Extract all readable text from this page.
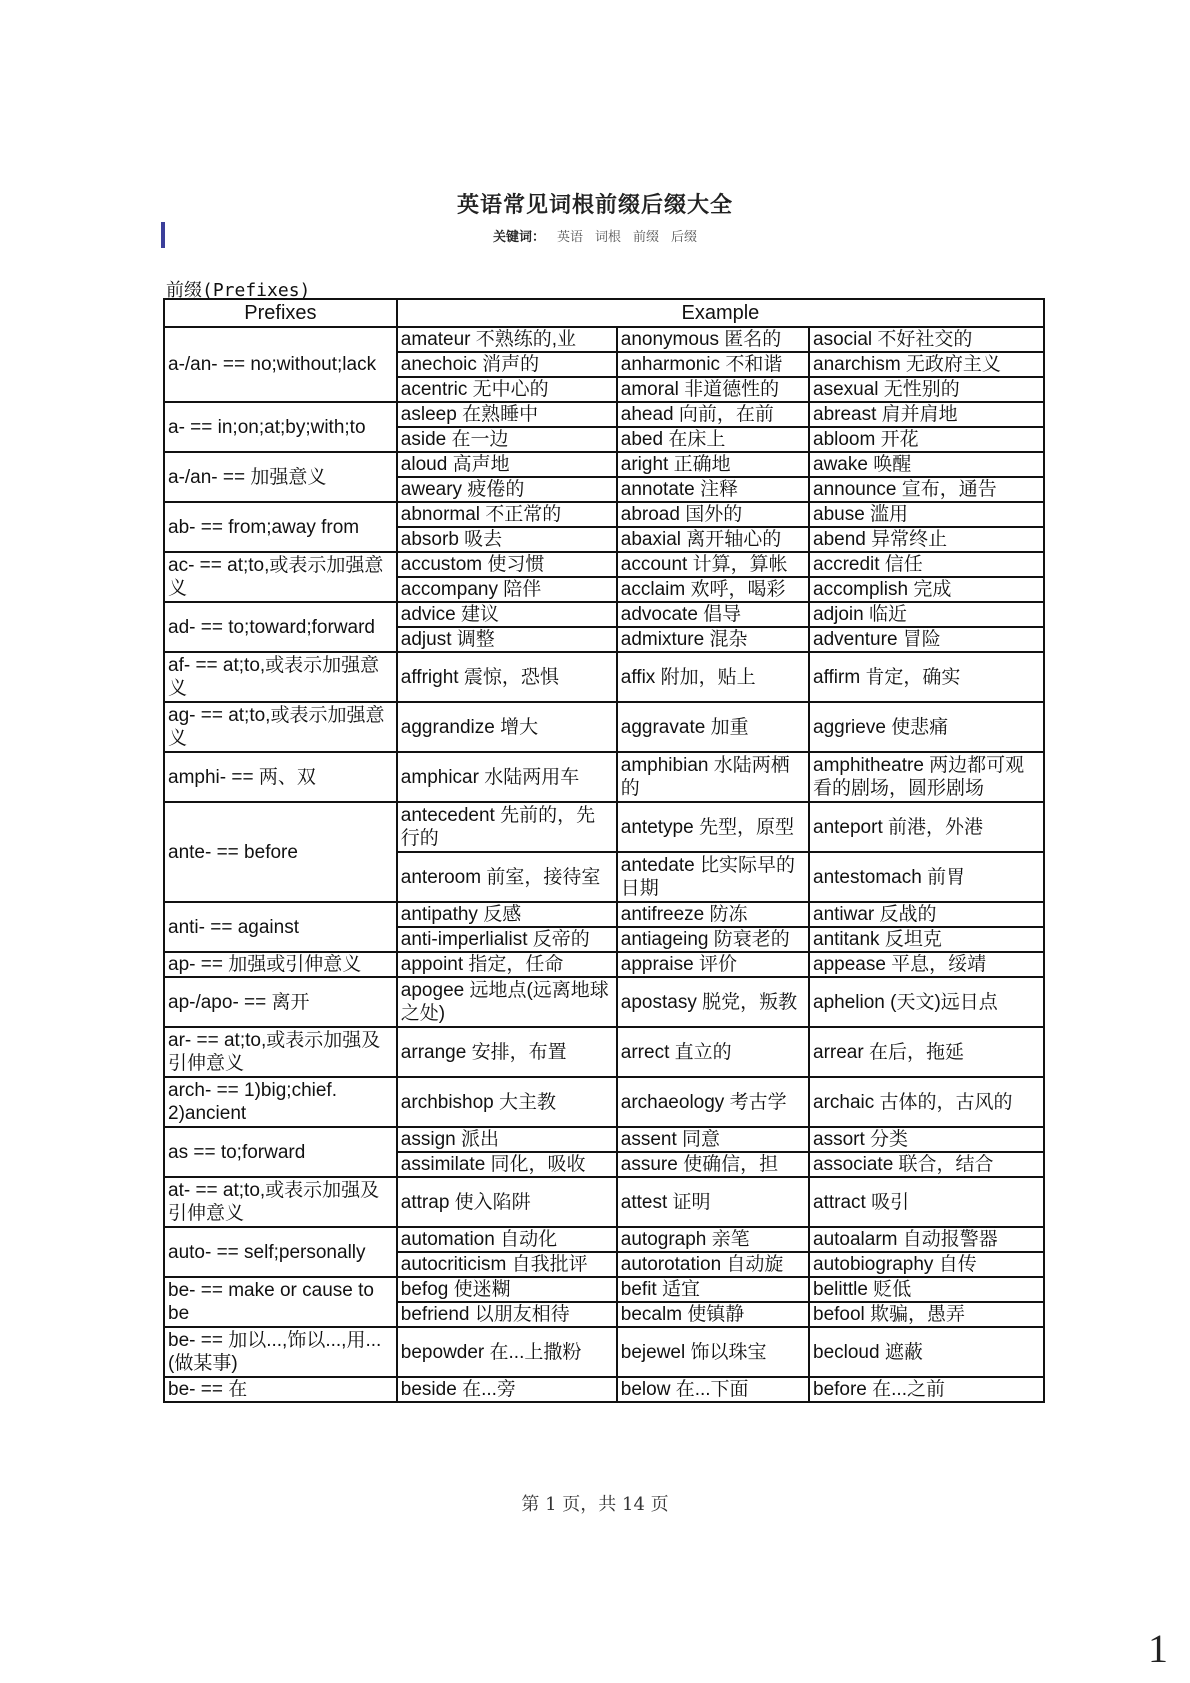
英语常见词根前缀后缀大全
关键词： 英语 词根 前缀 后缀
前缀(Prefixes)
Prefixes	Example		
a-/an- == no;without;lack	amateur 不熟练的,业	anonymous 匿名的	asocial 不好社交的
	anechoic 消声的	anharmonic 不和谐	anarchism 无政府主义
	acentric 无中心的	amoral 非道德性的	asexual 无性别的
a- == in;on;at;by;with;to	asleep 在熟睡中	ahead 向前，在前	abreast 肩并肩地
	aside 在一边	abed 在床上	abloom 开花
a-/an- == 加强意义	aloud 高声地	aright 正确地	awake 唤醒
	aweary 疲倦的	annotate 注释	announce 宣布，通告
ab- == from;away from	abnormal 不正常的	abroad 国外的	abuse 滥用
	absorb 吸去	abaxial 离开轴心的	abend 异常终止
ac- == at;to,或表示加强意义	accustom 使习惯	account 计算，算帐	accredit 信任
	accompany 陪伴	acclaim 欢呼，喝彩	accomplish 完成
ad- == to;toward;forward	advice 建议	advocate 倡导	adjoin 临近
	adjust 调整	admixture 混杂	adventure 冒险
af- == at;to,或表示加强意义	affright 震惊，恐惧	affix 附加，贴上	affirm 肯定，确实
ag- == at;to,或表示加强意义	aggrandize 增大	aggravate 加重	aggrieve 使悲痛
amphi- == 两、双	amphicar 水陆两用车	amphibian 水陆两栖的	amphitheatre 两边都可观看的剧场，圆形剧场
ante- == before	antecedent 先前的，先行的	antetype 先型，原型	anteport 前港，外港
	anteroom 前室，接待室	antedate 比实际早的日期	antestomach 前胃
anti- == against	antipathy 反感	antifreeze 防冻	antiwar 反战的
	anti-imperlialist 反帝的	antiageing 防衰老的	antitank 反坦克
ap- == 加强或引伸意义	appoint 指定，任命	appraise 评价	appease 平息，绥靖
ap-/apo- == 离开	apogee 远地点(远离地球之处)	apostasy 脱党，叛教	aphelion (天文)远日点
ar- == at;to,或表示加强及引伸意义	arrange 安排，布置	arrect 直立的	arrear 在后，拖延
arch- == 1)big;chief. 2)ancient	archbishop 大主教	archaeology 考古学	archaic 古体的，古风的
as == to;forward	assign 派出	assent 同意	assort 分类
	assimilate 同化，吸收	assure 使确信，担	associate 联合，结合
at- == at;to,或表示加强及引伸意义	attrap 使入陷阱	attest 证明	attract 吸引
auto- == self;personally	automation 自动化	autograph 亲笔	autoalarm 自动报警器
	autocriticism 自我批评	autorotation 自动旋	autobiography 自传
be- == make or cause to be	befog 使迷糊	befit 适宜	belittle 贬低
	befriend 以朋友相待	becalm 使镇静	befool 欺骗，愚弄
be- == 加以...,饰以...,用...(做某事)	bepowder 在...上撒粉	bejewel 饰以珠宝	becloud 遮蔽
be- == 在	beside 在...旁	below 在...下面	before 在...之前
第 1 页，共 14 页
1
